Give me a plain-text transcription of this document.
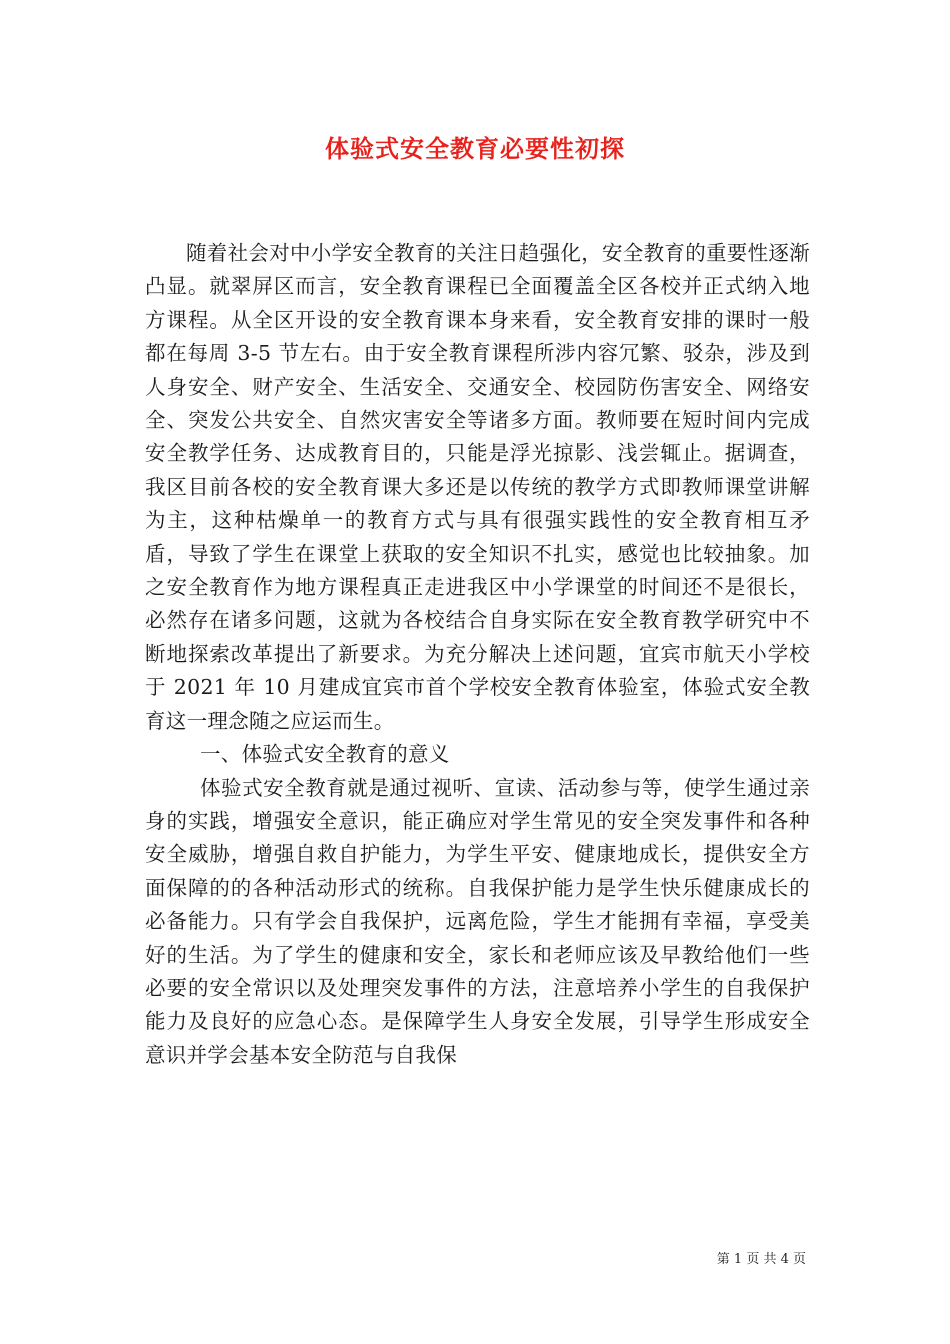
体验式安全教育必要性初探

随着社会对中小学安全教育的关注日趋强化，安全教育的重要性逐渐凸显。就翠屏区而言，安全教育课程已全面覆盖全区各校并正式纳入地方课程。从全区开设的安全教育课本身来看，安全教育安排的课时一般都在每周 3-5 节左右。由于安全教育课程所涉内容冗繁、驳杂，涉及到人身安全、财产安全、生活安全、交通安全、校园防伤害安全、网络安全、突发公共安全、自然灾害安全等诸多方面。教师要在短时间内完成安全教学任务、达成教育目的，只能是浮光掠影、浅尝辄止。据调查，我区目前各校的安全教育课大多还是以传统的教学方式即教师课堂讲解为主，这种枯燥单一的教育方式与具有很强实践性的安全教育相互矛盾，导致了学生在课堂上获取的安全知识不扎实，感觉也比较抽象。加之安全教育作为地方课程真正走进我区中小学课堂的时间还不是很长，必然存在诸多问题，这就为各校结合自身实际在安全教育教学研究中不断地探索改革提出了新要求。为充分解决上述问题，宜宾市航天小学校于 2021 年 10 月建成宜宾市首个学校安全教育体验室，体验式安全教育这一理念随之应运而生。

一、体验式安全教育的意义

体验式安全教育就是通过视听、宣读、活动参与等，使学生通过亲身的实践，增强安全意识，能正确应对学生常见的安全突发事件和各种安全威胁，增强自救自护能力，为学生平安、健康地成长，提供安全方面保障的的各种活动形式的统称。自我保护能力是学生快乐健康成长的必备能力。只有学会自我保护，远离危险，学生才能拥有幸福，享受美好的生活。为了学生的健康和安全，家长和老师应该及早教给他们一些必要的安全常识以及处理突发事件的方法，注意培养小学生的自我保护能力及良好的应急心态。是保障学生人身安全发展，引导学生形成安全意识并学会基本安全防范与自我保

第 1 页 共 4 页
